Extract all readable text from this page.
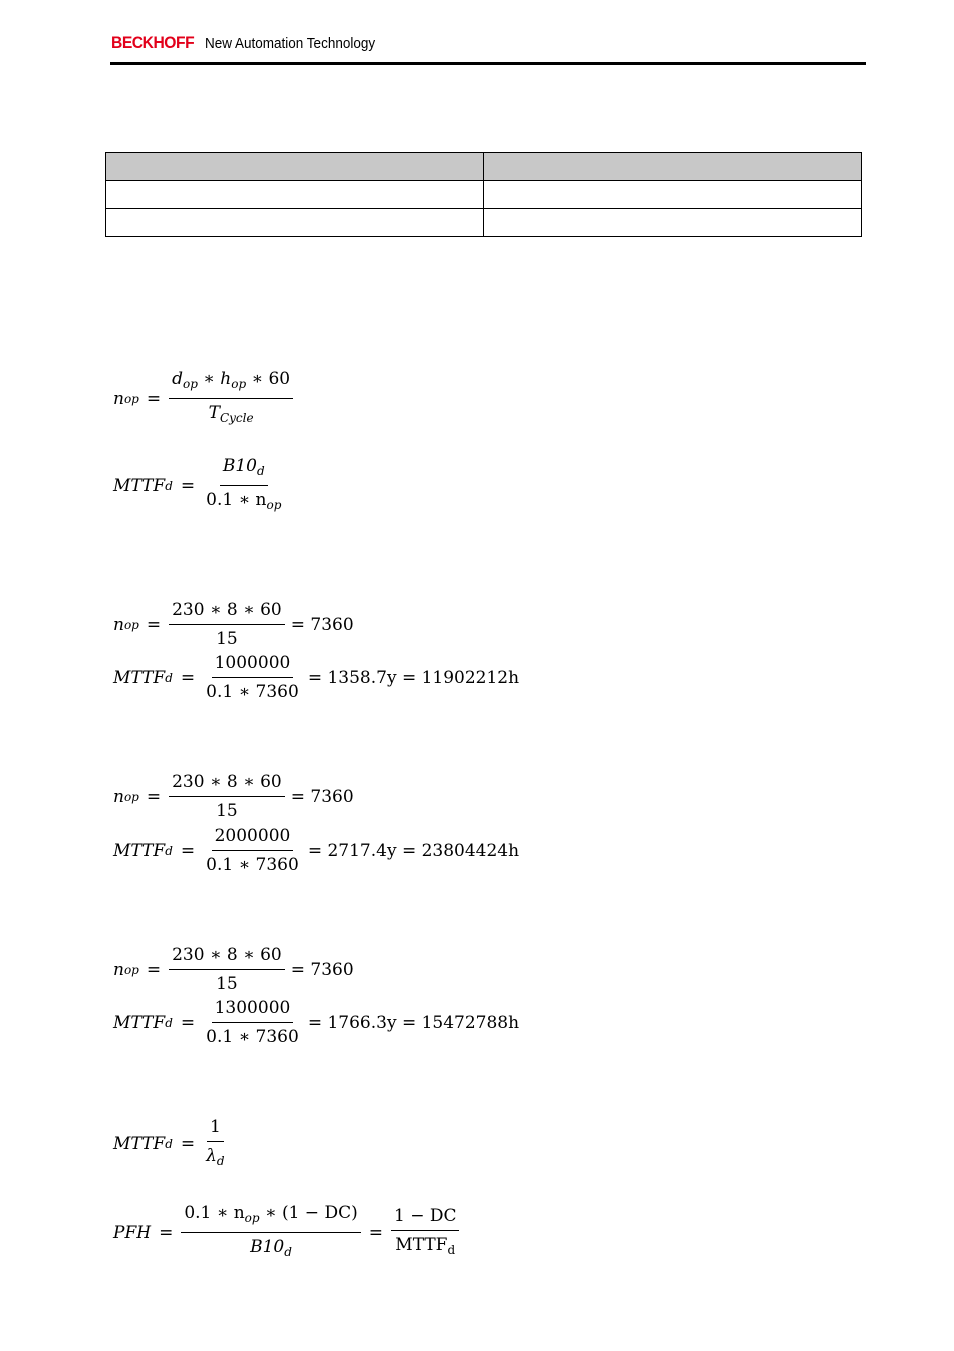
BECKHOFF New Automation Technology

n op = $\frac{d_{op} ∗ h_{op} ∗ 60}{T_{Cycle}}$
MTTF $d = \frac{B10_d}{0.1 ∗ n_{op}}$
n op = $\frac{230 ∗ 8 ∗ 60}{15} = 7360$
MTTF $d = \frac{1000000}{0.1 ∗ 7360} = 1358.7y = 11902212h$
n op = $\frac{230 ∗ 8 ∗ 60}{15} = 7360$
MTTF $d = \frac{2000000}{0.1 ∗ 7360} = 2717.4y = 23804424h$
n op = $\frac{230 ∗ 8 ∗ 60}{15} = 7360$
MTTF $d = \frac{1300000}{0.1 ∗ 7360} = 1766.3y = 15472788h$
MTTF $d = \frac{1}{\lambda_d}$
PFH = $\frac{0.1 ∗ n_{op} ∗ (1 - DC)}{B10_d} = \frac{1 - DC}{MTTF_d}$
